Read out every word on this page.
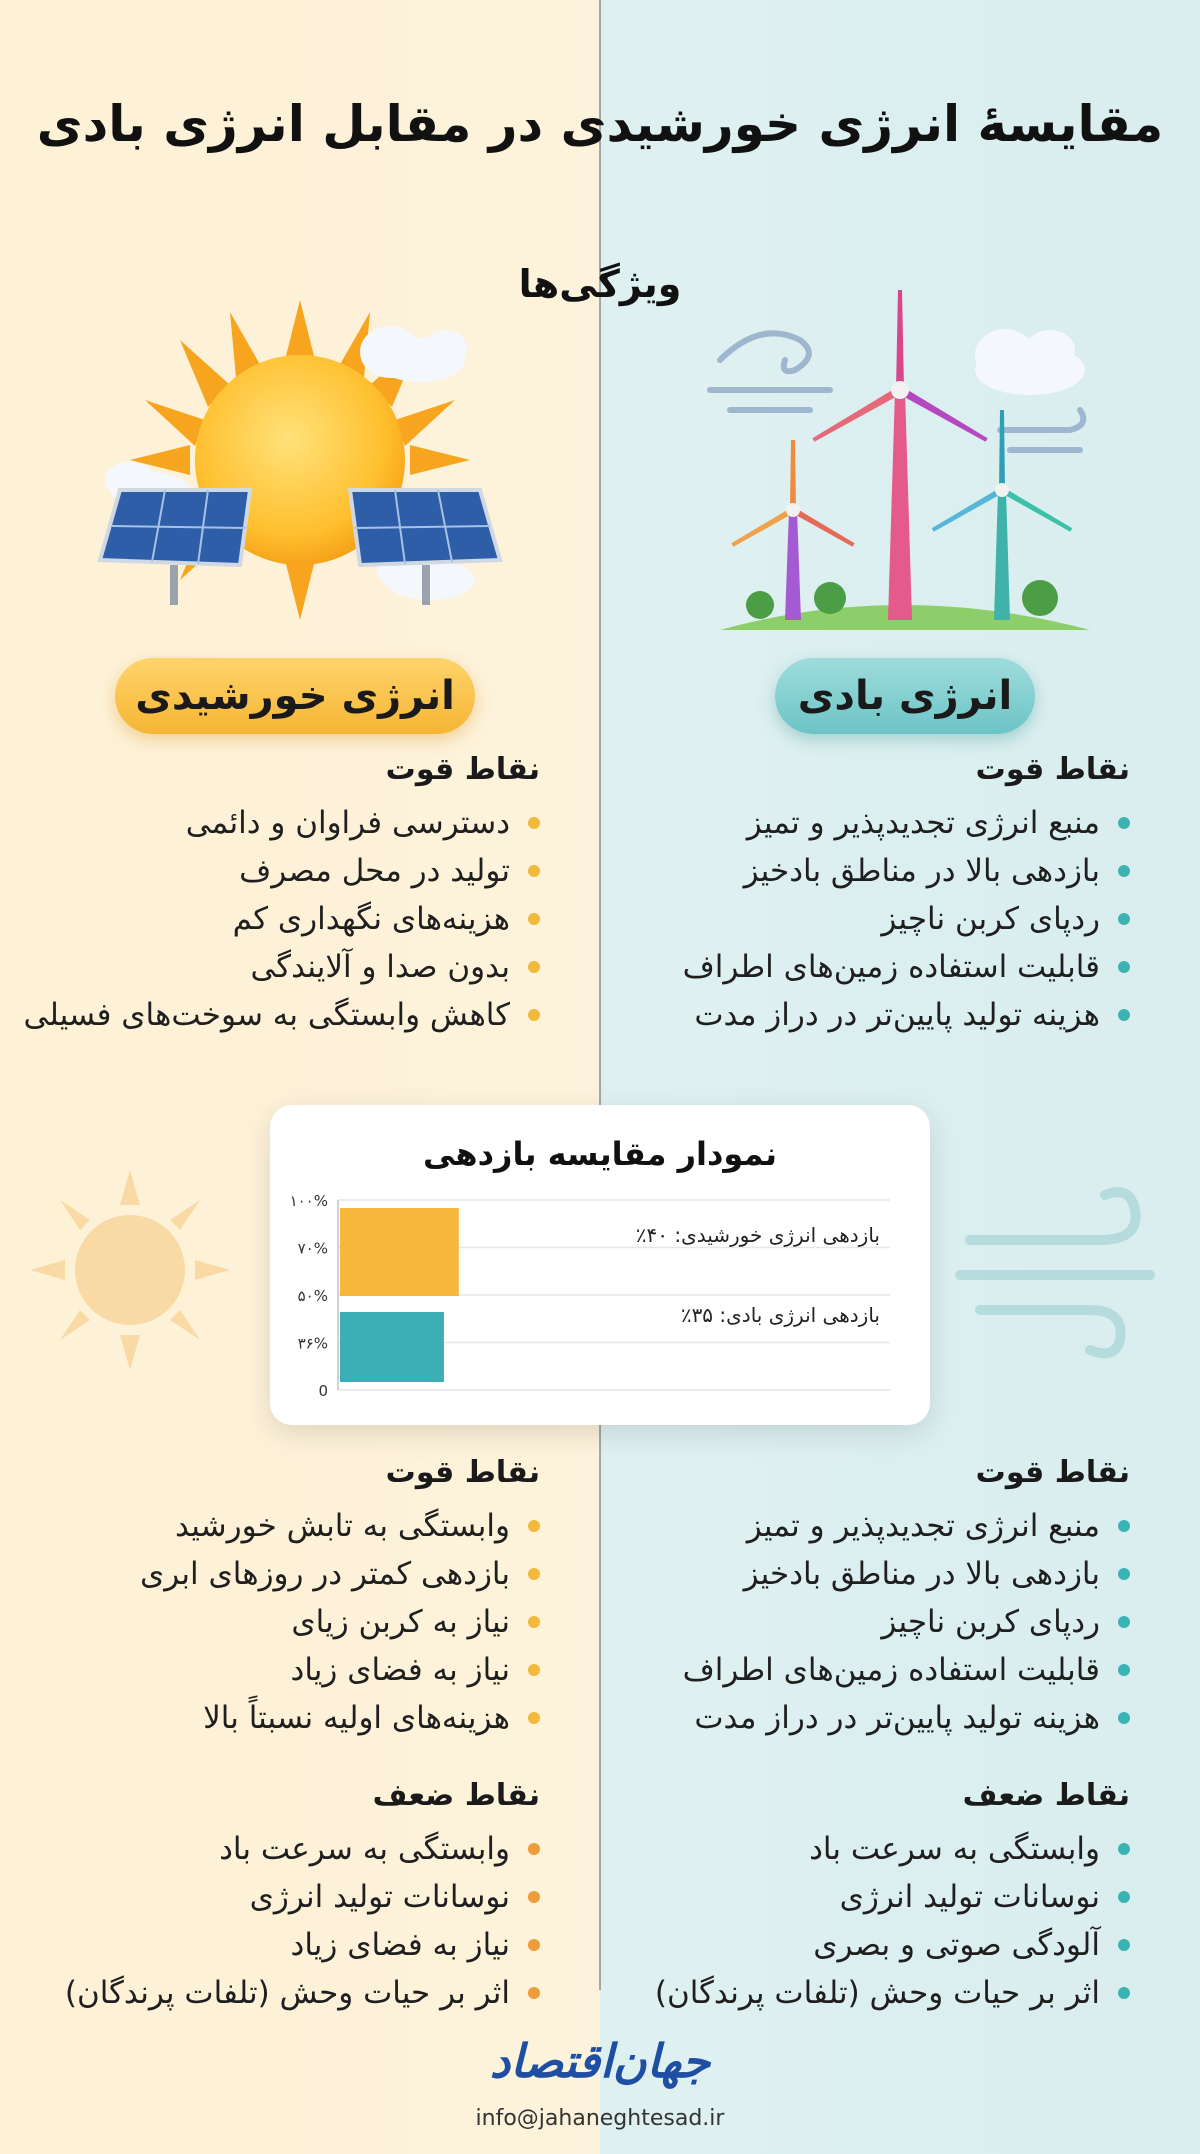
مقایسهٔ انرژی خورشیدی در مقابل انرژی بادی
ویژگی‌ها
انرژی خورشیدی	انرژی بادی
نقاط قوت
دسترسی فراوان و دائمی
تولید در محل مصرف
هزینه‌های نگهداری کم
بدون صدا و آلایندگی
کاهش وابستگی به سوخت‌های فسیلی
نقاط قوت
منبع انرژی تجدیدپذیر و تمیز
بازدهی بالا در مناطق بادخیز
ردپای کربن ناچیز
قابلیت استفاده زمین‌های اطراف
هزینه تولید پایین‌تر در دراز مدت
نمودار مقایسه بازدهی
۱۰۰%
۷۰%
۵۰%
۳۶%
0
بازدهی انرژی خورشیدی: ۴۰٪
بازدهی انرژی بادی: ۳۵٪
نقاط قوت
وابستگی به تابش خورشید
بازدهی کمتر در روزهای ابری
نیاز به کربن زیای
نیاز به فضای زیاد
هزینه‌های اولیه نسبتاً بالا
نقاط قوت
منبع انرژی تجدیدپذیر و تمیز
بازدهی بالا در مناطق بادخیز
ردپای کربن ناچیز
قابلیت استفاده زمین‌های اطراف
هزینه تولید پایین‌تر در دراز مدت
نقاط ضعف
وابستگی به سرعت باد
نوسانات تولید انرژی
نیاز به فضای زیاد
اثر بر حیات وحش (تلفات پرندگان)
نقاط ضعف
وابستگی به سرعت باد
نوسانات تولید انرژی
آلودگی صوتی و بصری
اثر بر حیات وحش (تلفات پرندگان)
جهان‌اقتصاد
info@jahaneghtesad.ir
